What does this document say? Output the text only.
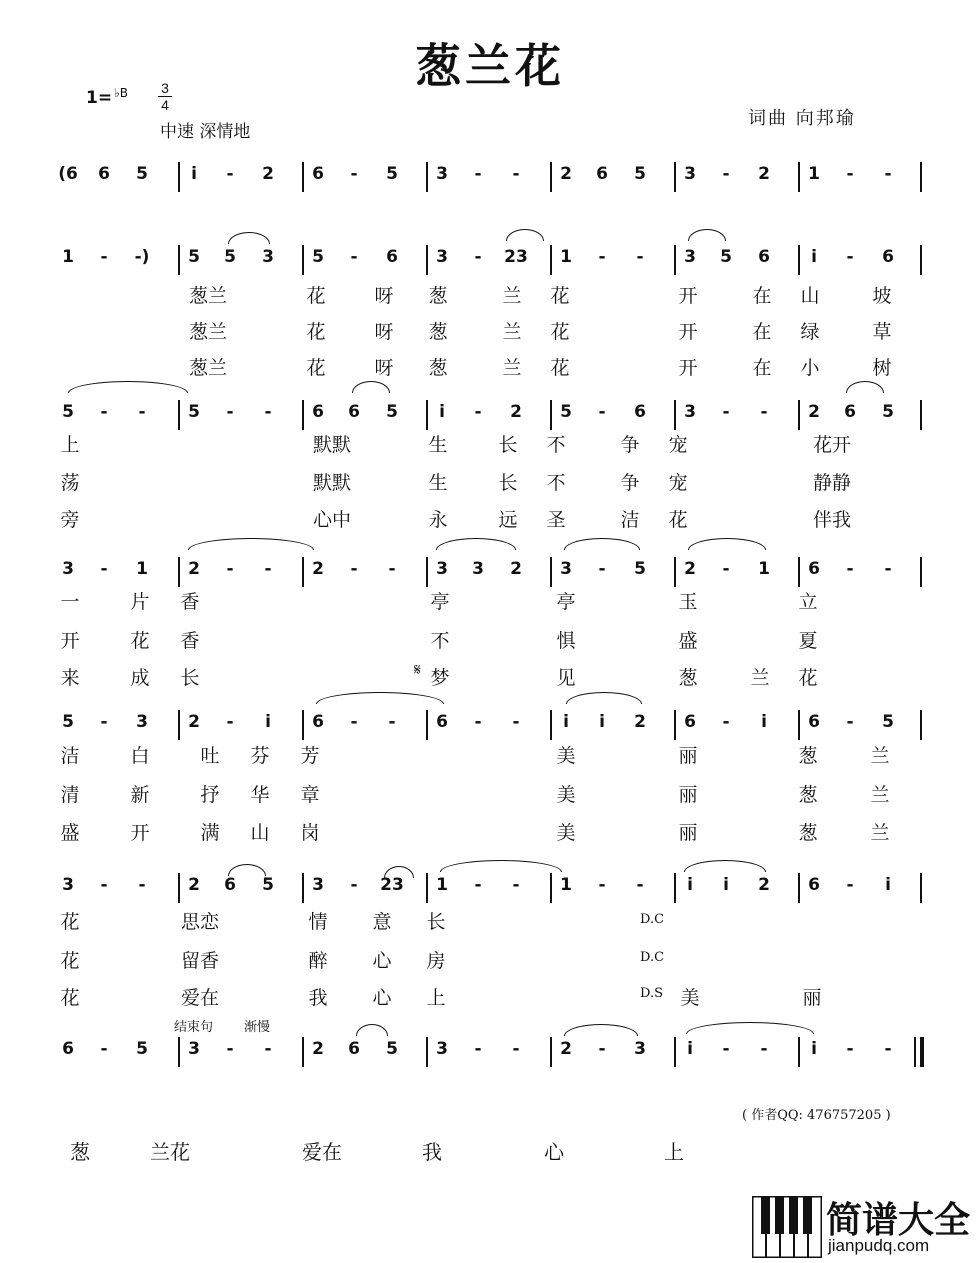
葱兰花
1= $^{♭B}$ 3
4
中速 深情地
词曲 向邦瑜
(6 6 5	i - 2 6 - 5 3 - - 2 6 5 3 - 2 1 - -
1 - -) 5 5 3 5 - 6 3 - 23 1 - - 3 5 6 i - 6
葱兰	花	呀 葱	兰 花	开	在 山	坡
葱兰	花	呀 葱	兰 花	开	在 绿	草
葱兰	花	呀 葱	兰 花	开	在 小	树
5 - -	5 - - 6 6 5 i - 2 5 - 6 3 - - 2 6 5
上	默默	生	长 不	争 宠	花开
荡	默默	生	长 不	争 宠	静静
旁	心中	永	远 圣	洁 花	伴我
3 - 1 2 - - 2 - - 3 3 2 3 - 5 2 - 1 6 - -
一	片 香	亭	亭	玉	立
开	花 香	不	惧	盛	夏
来	成 长	梦	见	葱	兰 花
5 - 3 2 - i 6 - - 6 - -	i i 2 6 - i 6 - 5
洁	白	吐 芬 芳	美	丽	葱	兰
清	新	抒 华 章	美	丽	葱	兰
盛	开	满 山 岗	美	丽	葱	兰
3 - -	2 6 5 3 - 23 1 - - 1 - -	i i 2 6 - i
花	思恋	情 意 长
花	留香	醉 心 房
花	爱在	我 心 上	美	丽
6 - 5 3 - - 2 6 5 3 - - 2 - 3 i - -	i - -
𝄋
D.C
D.C
D.S
结束句 渐慢
( 作者QQ: 476757205 )
葱	兰花	爱在	我	心	上
简谱大全
jianpudq.com
